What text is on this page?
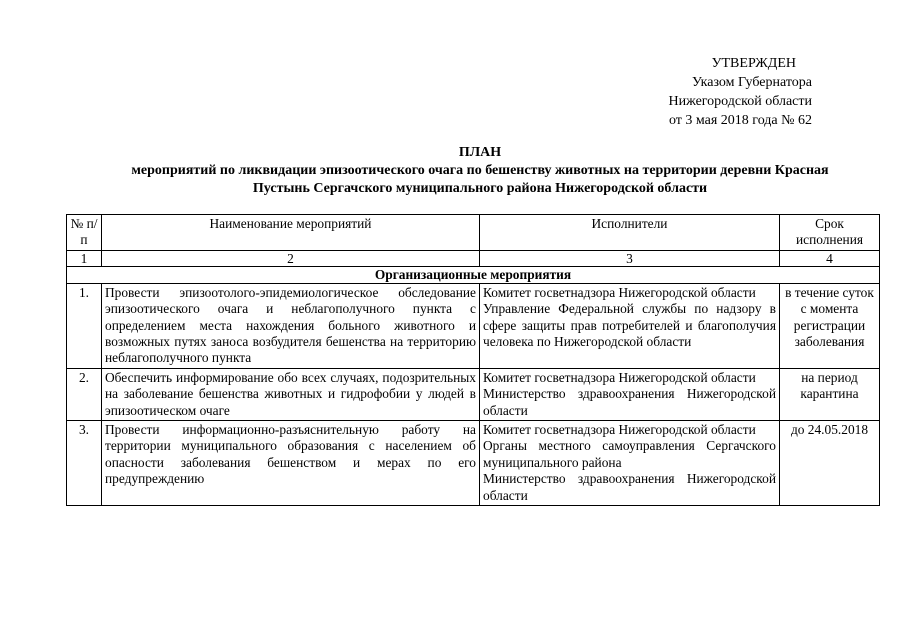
УТВЕРЖДЕН
Указом Губернатора
Нижегородской области
от 3 мая 2018 года № 62
ПЛАН
мероприятий по ликвидации эпизоотического очага по бешенству животных на территории деревни Красная
Пустынь Сергачского муниципального района Нижегородской области
№ п/п	Наименование мероприятий	Исполнители	Срок исполнения
1	2	3	4
Организационные мероприятия			
1.	Провести эпизоотолого-эпидемиологическое обследование эпизоотического очага и неблагополучного пункта с определением места нахождения больного животного и возможных путях заноса возбудителя бешенства на территорию неблагополучного пункта	Комитет госветнадзора Нижегородской области
Управление Федеральной службы по надзору в сфере защиты прав потребителей и благополучия человека по Нижегородской области	в течение суток с момента регистрации заболевания
2.	Обеспечить информирование обо всех случаях, подозрительных на заболевание бешенства животных и гидрофобии у людей в эпизоотическом очаге	Комитет госветнадзора Нижегородской области
Министерство здравоохранения Нижегородской области	на период карантина
3.	Провести информационно-разъяснительную работу на территории муниципального образования с населением об опасности заболевания бешенством и мерах по его предупреждению	Комитет госветнадзора Нижегородской области
Органы местного самоуправления Сергачского муниципального района
Министерство здравоохранения Нижегородской области	до 24.05.2018
